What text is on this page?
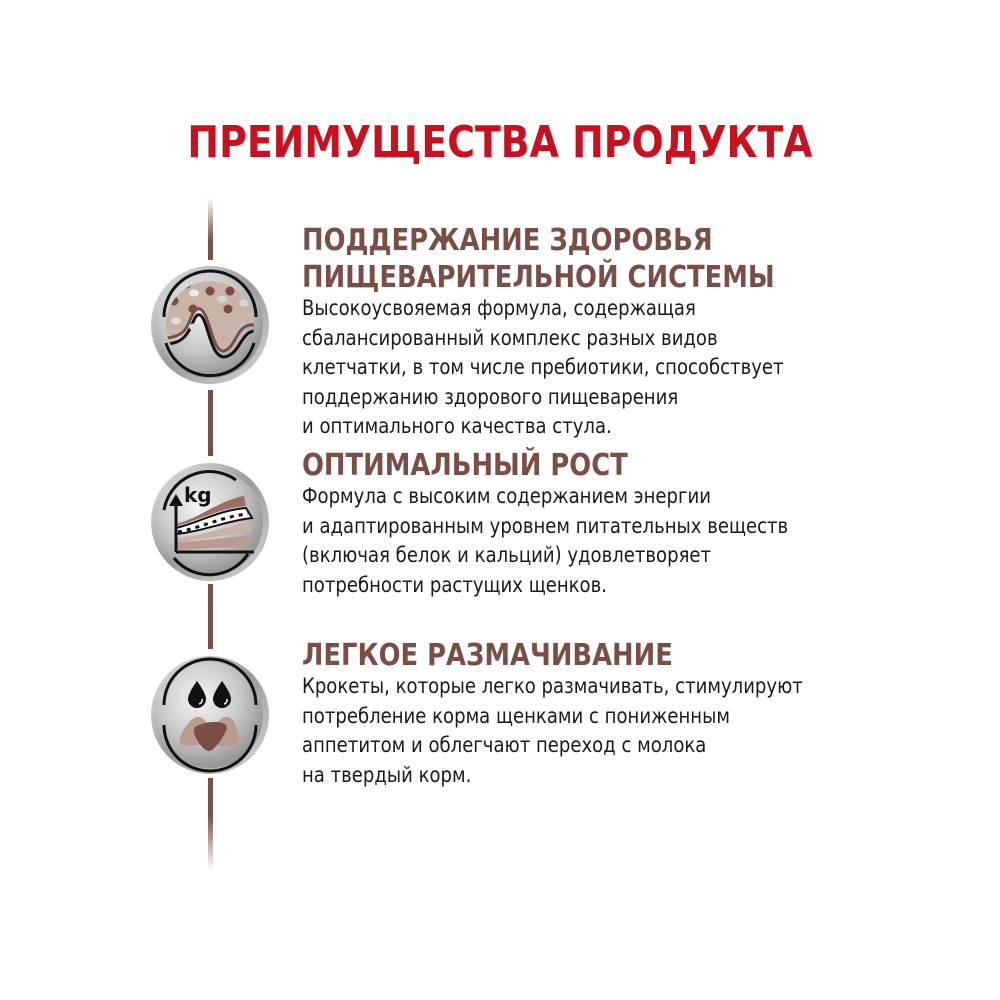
ПРЕИМУЩЕСТВА ПРОДУКТА
kg
ПОДДЕРЖАНИЕ ЗДОРОВЬЯ
ПИЩЕВАРИТЕЛЬНОЙ СИСТЕМЫ
Высокоусвояемая формула, содержащая
сбалансированный комплекс разных видов
клетчатки, в том числе пребиотики, способствует
поддержанию здорового пищеварения
и оптимального качества стула.
ОПТИМАЛЬНЫЙ РОСТ
Формула с высоким содержанием энергии
и адаптированным уровнем питательных веществ
(включая белок и кальций) удовлетворяет
потребности растущих щенков.
ЛЕГКОЕ РАЗМАЧИВАНИЕ
Крокеты, которые легко размачивать, стимулируют
потребление корма щенками с пониженным
аппетитом и облегчают переход с молока
на твердый корм.
